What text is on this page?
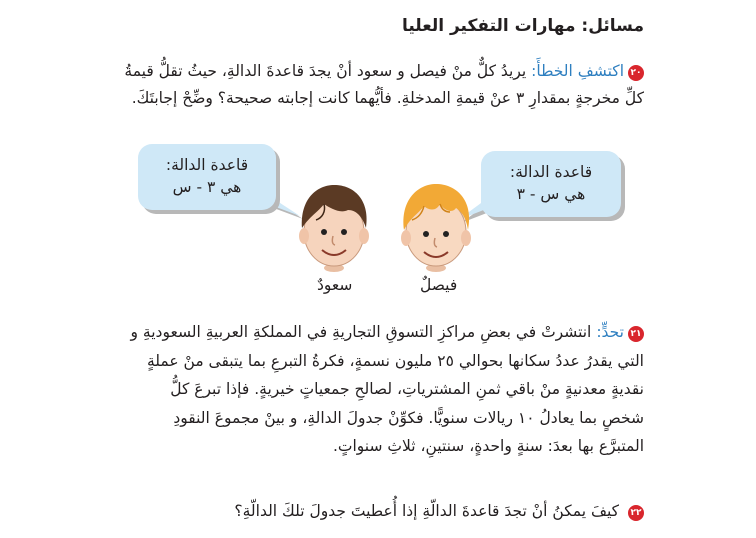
مسائل: مهارات التفكير العليا
٢٠اكتشفِ الخطأَ: يريدُ كلٌّ منْ فيصل و سعود أنْ يجدَ قاعدةَ الدالةِ، حيثُ تقلُّ قيمةُ كلِّ مخرجةٍ بمقدارِ ٣ عنْ قيمةِ المدخلةِ. فأيُّهما كانت إجابته صحيحة؟ وضِّحْ إجابتَكَ.
قاعدة الدالة:
هي ٣ - س
قاعدة الدالة:
هي س - ٣
سعودٌ	فيصلٌ
٢١تحدٍّ: انتشرتْ في بعضِ مراكزِ التسوقِ التجاريةِ في المملكةِ العربيةِ السعوديةِ و التي يقدرُ عددُ سكانها بحوالي ٢٥ مليون نسمةٍ، فكرةُ التبرعِ بما يتبقى منْ عملةٍ نقديةٍ معدنيةٍ منْ باقي ثمنِ المشترياتِ، لصالحِ جمعياتٍ خيريةٍ. فإذا تبرعَ كلُّ شخصٍ بما يعادلُ ١٠ ريالات سنويًّا. فكوِّنْ جدولَ الدالةِ، و بينْ مجموعَ النقودِ المتبرَّع بها بعدَ: سنةٍ واحدةٍ، سنتينِ، ثلاثِ سنواتٍ.
٢٢ كيفَ يمكنُ أنْ تجدَ قاعدةَ الدالّةِ إذا أُعطيتَ جدولَ تلكَ الدالّةِ؟
